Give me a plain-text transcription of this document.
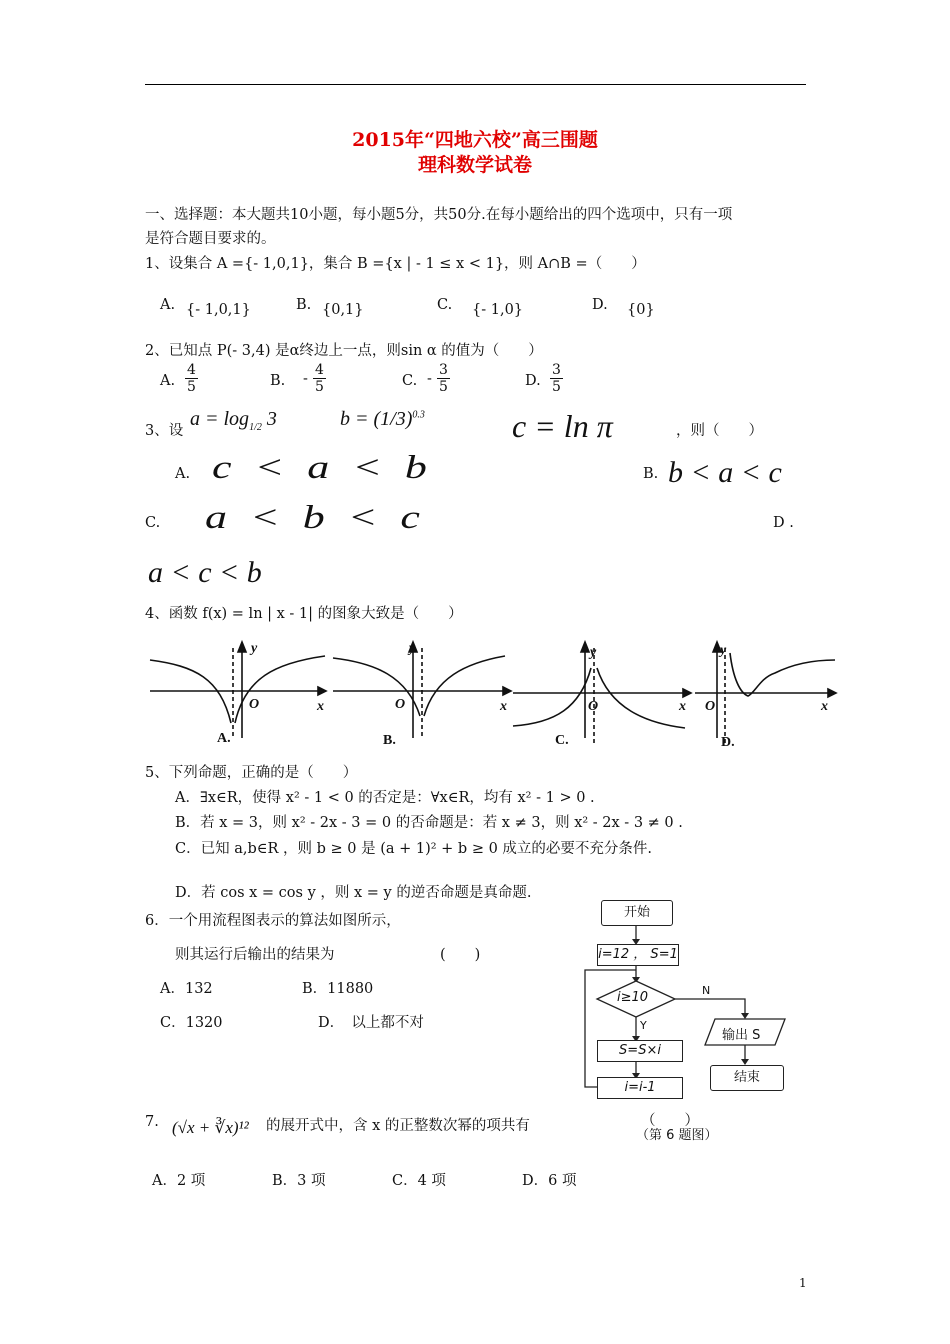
2015年“四地六校”高三围题
理科数学试卷
一、选择题：本大题共10小题，每小题5分，共50分.在每小题给出的四个选项中，只有一项
是符合题目要求的。
1、设集合 A ={- 1,0,1}，集合 B ={x | - 1 ≤ x < 1}，则 A∩B =（　　）
A. {- 1,0,1}	B. {0,1}	C. {- 1,0}	D. {0}
2、已知点 P(- 3,4) 是α终边上一点，则sin α 的值为（　　）
A. $\frac{4}{5}$	B. - $\frac{4}{5}$	C. - $\frac{3}{5}$	D. $\frac{3}{5}$
3、设
$a = \log_{1/2} 3$	$b = (1/3)^{0.3}$	c = ln π	，则（　　）
A. c < a < b	B. b < a < c
C. a < b < c	D .
a < c < b
4、函数 f(x) = ln | x - 1| 的图象大致是（　　）
y
x
O
y
x
O
y
x
O
y
x
O
A.	B.	C.	D.
5、下列命题，正确的是（　　）
A．∃x∈R，使得 x² - 1 < 0 的否定是：∀x∈R，均有 x² - 1 > 0 .
B．若 x = 3，则 x² - 2x - 3 = 0 的否命题是：若 x ≠ 3，则 x² - 2x - 3 ≠ 0 .
C．已知 a,b∈R ，则 b ≥ 0 是 (a + 1)² + b ≥ 0 成立的必要不充分条件.
D．若 cos x = cos y ，则 x = y 的逆否命题是真命题.
6．一个用流程图表示的算法如图所示，
则其运行后输出的结果为	(　　)
A．132	B．11880
C．1320	D．　以上都不对
开始
i=12 ， S=1
i≥10
Y
N
S=S×i
i=i-1
输出 S
结束
（第 6 题图）
7. (√x + ∛x)¹² 的展开式中，含 x 的正整数次幂的项共有	（　　）
A．2 项	B．3 项	C．4 项	D．6 项
1
